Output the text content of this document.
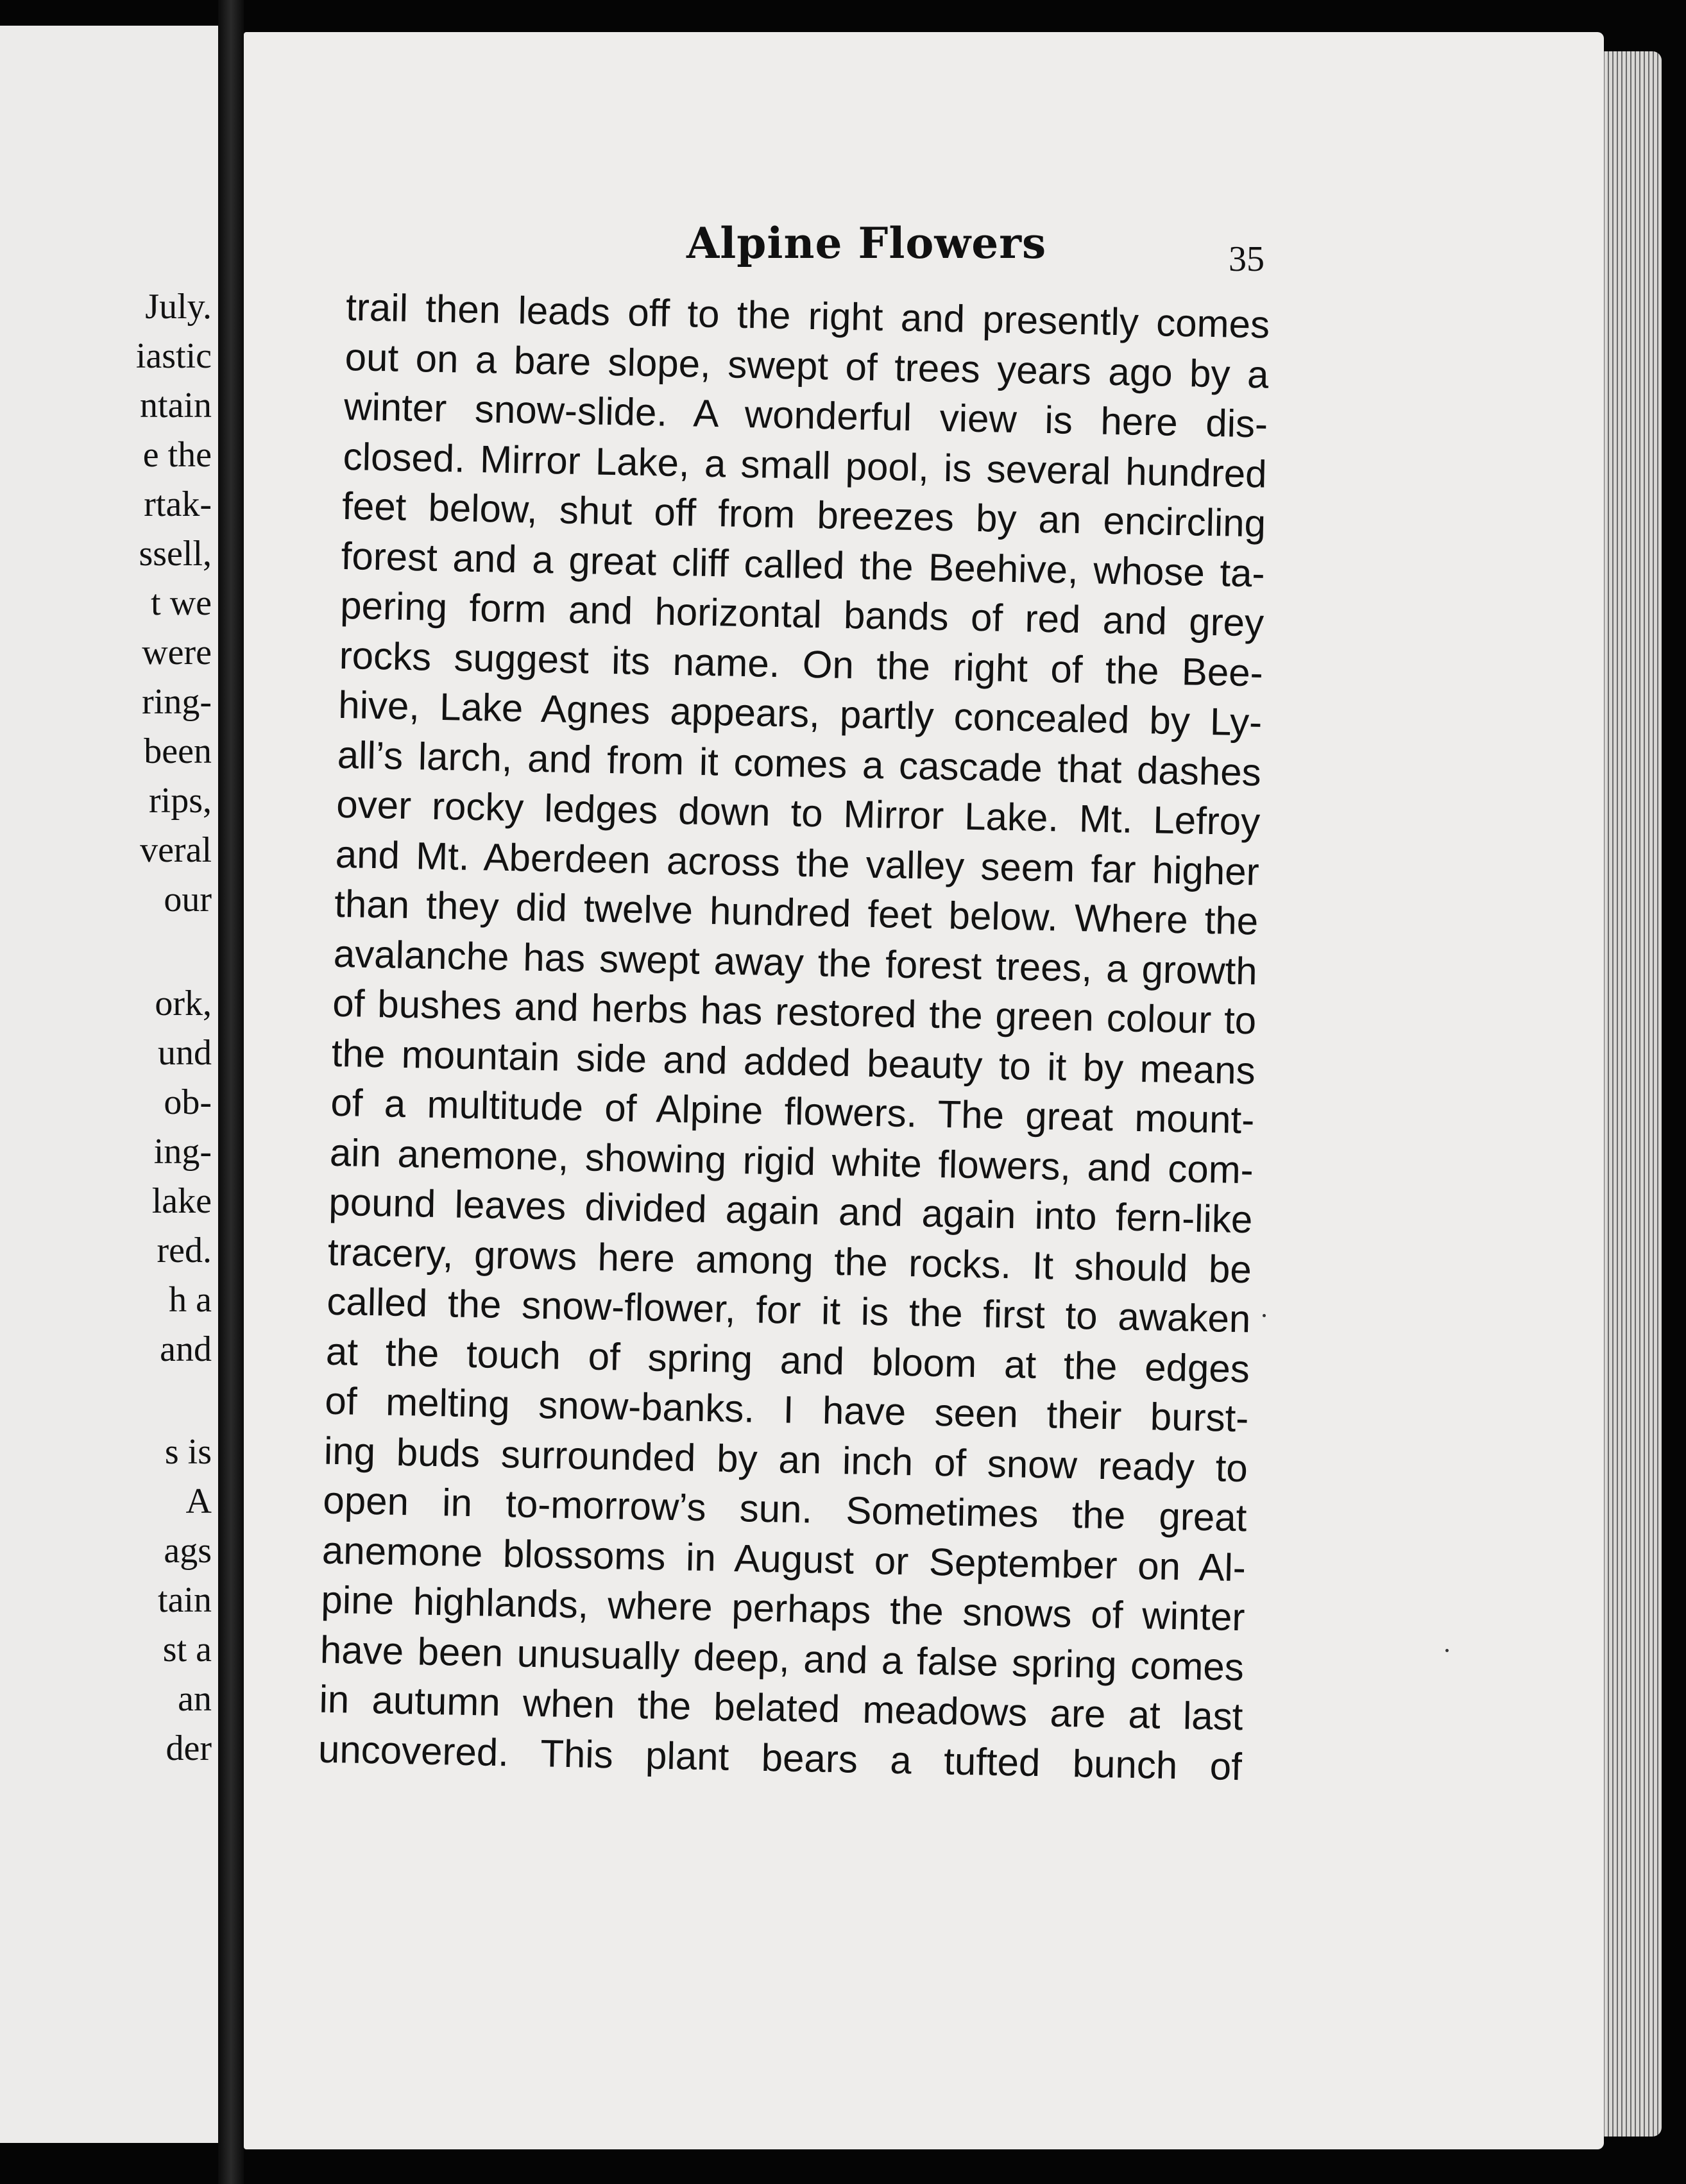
July.
iastic
ntain
e the
rtak-
ssell,
t we
were
ring-
been
rips,
veral
our
ork,
und
ob-
ing-
lake
red.
h a
and
s is
A
ags
tain
st a
an
der
Alpine Flowers	35
trail then leads off to the right and presently comes
out on a bare slope, swept of trees years ago by a
winter snow-slide. A wonderful view is here dis-
closed. Mirror Lake, a small pool, is several hundred
feet below, shut off from breezes by an encircling
forest and a great cliff called the Beehive, whose ta-
pering form and horizontal bands of red and grey
rocks suggest its name. On the right of the Bee-
hive, Lake Agnes appears, partly concealed by Ly-
all’s larch, and from it comes a cascade that dashes
over rocky ledges down to Mirror Lake. Mt. Lefroy
and Mt. Aberdeen across the valley seem far higher
than they did twelve hundred feet below. Where the
avalanche has swept away the forest trees, a growth
of bushes and herbs has restored the green colour to
the mountain side and added beauty to it by means
of a multitude of Alpine flowers. The great mount-
ain anemone, showing rigid white flowers, and com-
pound leaves divided again and again into fern-like
tracery, grows here among the rocks. It should be
called the snow-flower, for it is the first to awaken
at the touch of spring and bloom at the edges
of melting snow-banks. I have seen their burst-
ing buds surrounded by an inch of snow ready to
open in to-morrow’s sun. Sometimes the great
anemone blossoms in August or September on Al-
pine highlands, where perhaps the snows of winter
have been unusually deep, and a false spring comes
in autumn when the belated meadows are at last
uncovered. This plant bears a tufted bunch of
